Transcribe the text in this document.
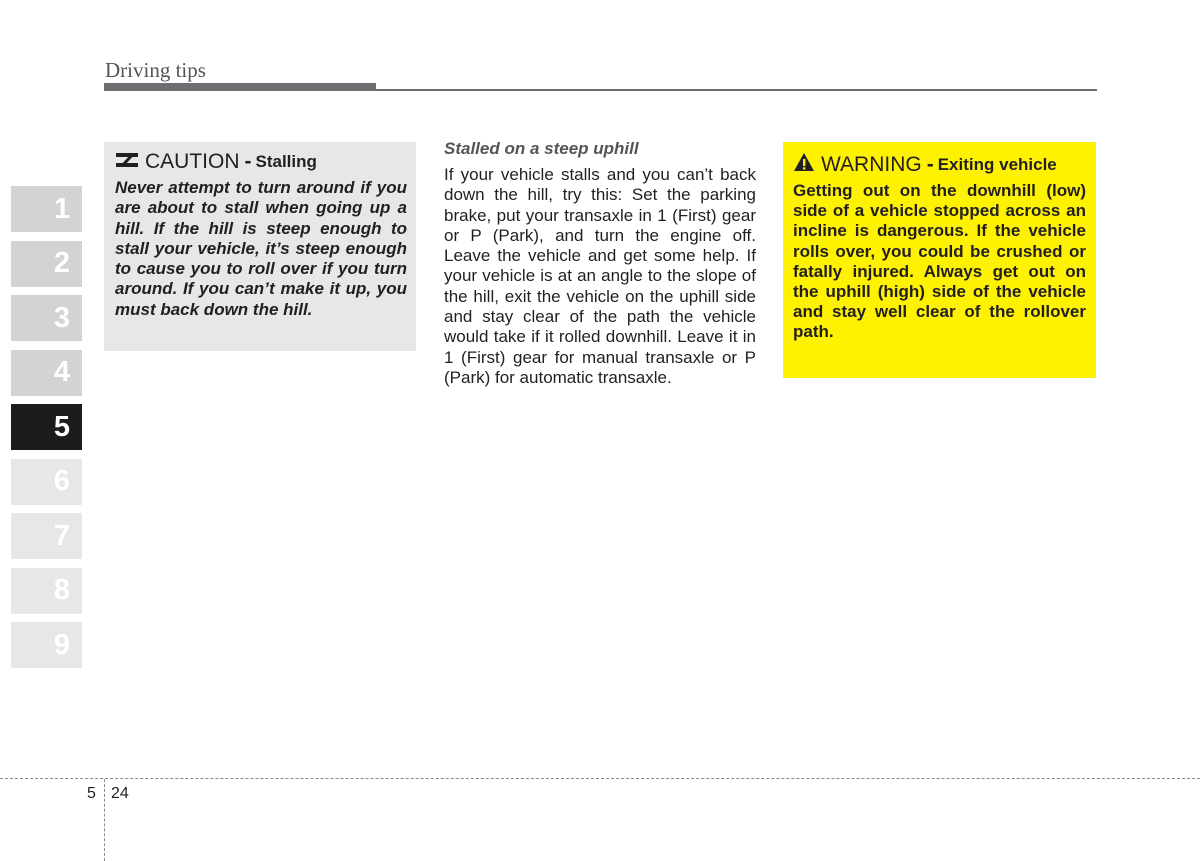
Driving tips
1
2
3
4
5
6
7
8
9
CAUTION - Stalling
Never attempt to turn around if you are about to stall when going up a hill. If the hill is steep enough to stall your vehicle, it’s steep enough to cause you to roll over if you turn around. If you can’t make it up, you must back down the hill.
Stalled on a steep uphill
If your vehicle stalls and you can’t back down the hill, try this: Set the parking brake, put your transaxle in 1 (First) gear or P (Park), and turn the engine off. Leave the vehicle and get some help. If your vehicle is at an angle to the slope of the hill, exit the vehicle on the uphill side and stay clear of the path the vehicle would take if it rolled downhill. Leave it in 1 (First) gear for manual transaxle or P (Park) for automatic transaxle.
WARNING - Exiting vehicle
Getting out on the downhill (low) side of a vehicle stopped across an incline is dangerous. If the vehicle rolls over, you could be crushed or fatally injured. Always get out on the uphill (high) side of the vehicle and stay well clear of the rollover path.
5 24
